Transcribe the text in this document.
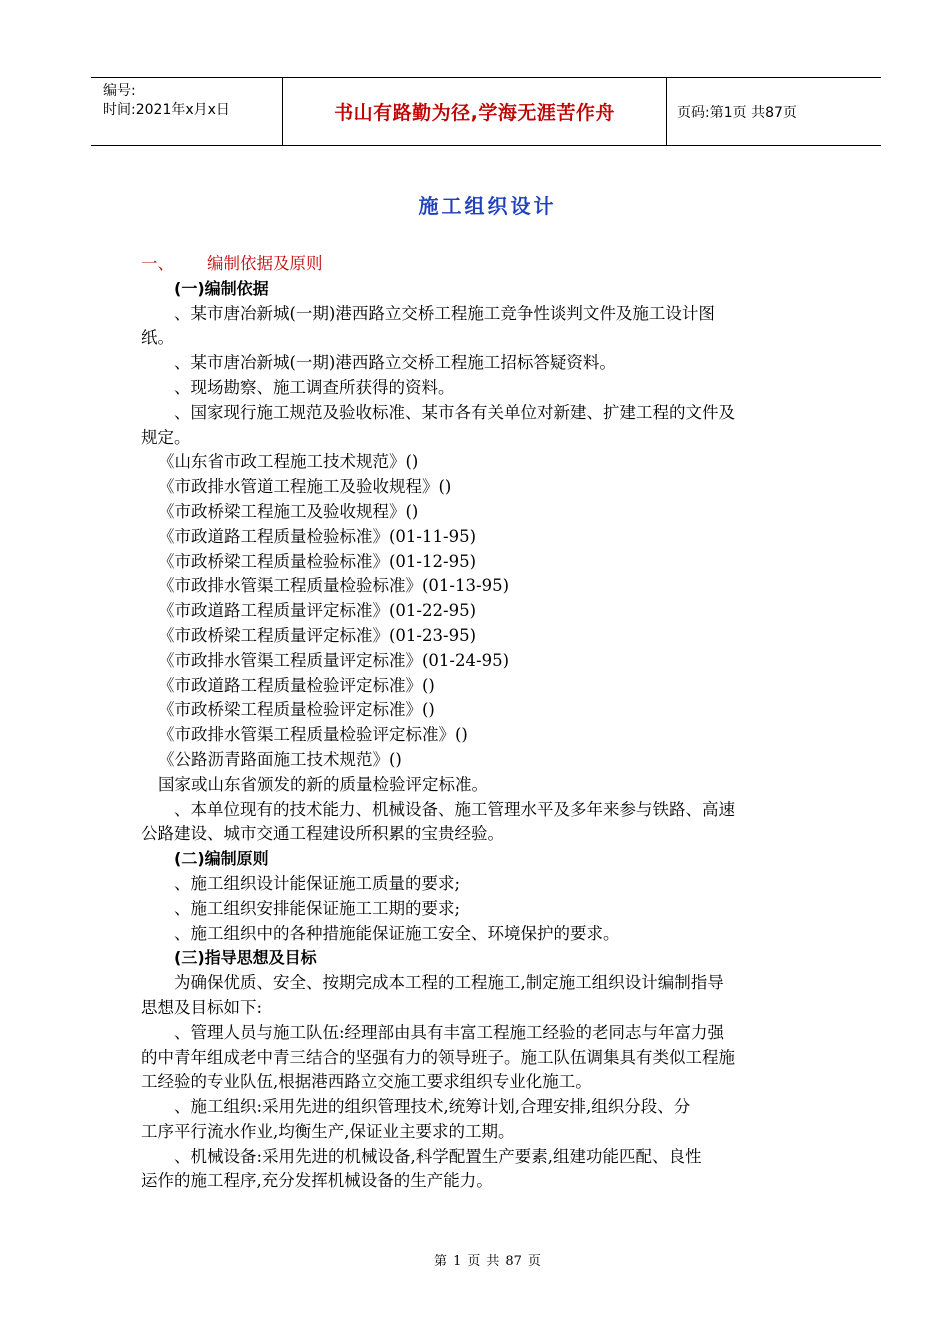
编号:
时间:2021年x月x日	书山有路勤为径,学海无涯苦作舟	页码:第1页 共87页
施工组织设计
一、 编制依据及原则
(一)编制依据
、某市唐冶新城(一期)港西路立交桥工程施工竞争性谈判文件及施工设计图
纸。
、某市唐冶新城(一期)港西路立交桥工程施工招标答疑资料。
、现场勘察、施工调查所获得的资料。
、国家现行施工规范及验收标准、某市各有关单位对新建、扩建工程的文件及
规定。
《山东省市政工程施工技术规范》()
《市政排水管道工程施工及验收规程》()
《市政桥梁工程施工及验收规程》()
《市政道路工程质量检验标准》(01-11-95)
《市政桥梁工程质量检验标准》(01-12-95)
《市政排水管渠工程质量检验标准》(01-13-95)
《市政道路工程质量评定标准》(01-22-95)
《市政桥梁工程质量评定标准》(01-23-95)
《市政排水管渠工程质量评定标准》(01-24-95)
《市政道路工程质量检验评定标准》()
《市政桥梁工程质量检验评定标准》()
《市政排水管渠工程质量检验评定标准》()
《公路沥青路面施工技术规范》()
国家或山东省颁发的新的质量检验评定标准。
、本单位现有的技术能力、机械设备、施工管理水平及多年来参与铁路、高速
公路建设、城市交通工程建设所积累的宝贵经验。
(二)编制原则
、施工组织设计能保证施工质量的要求;
、施工组织安排能保证施工工期的要求;
、施工组织中的各种措施能保证施工安全、环境保护的要求。
(三)指导思想及目标
为确保优质、安全、按期完成本工程的工程施工,制定施工组织设计编制指导
思想及目标如下:
、管理人员与施工队伍:经理部由具有丰富工程施工经验的老同志与年富力强
的中青年组成老中青三结合的坚强有力的领导班子。施工队伍调集具有类似工程施
工经验的专业队伍,根据港西路立交施工要求组织专业化施工。
、施工组织:采用先进的组织管理技术,统筹计划,合理安排,组织分段、分
工序平行流水作业,均衡生产,保证业主要求的工期。
、机械设备:采用先进的机械设备,科学配置生产要素,组建功能匹配、良性
运作的施工程序,充分发挥机械设备的生产能力。
第 1 页 共 87 页
